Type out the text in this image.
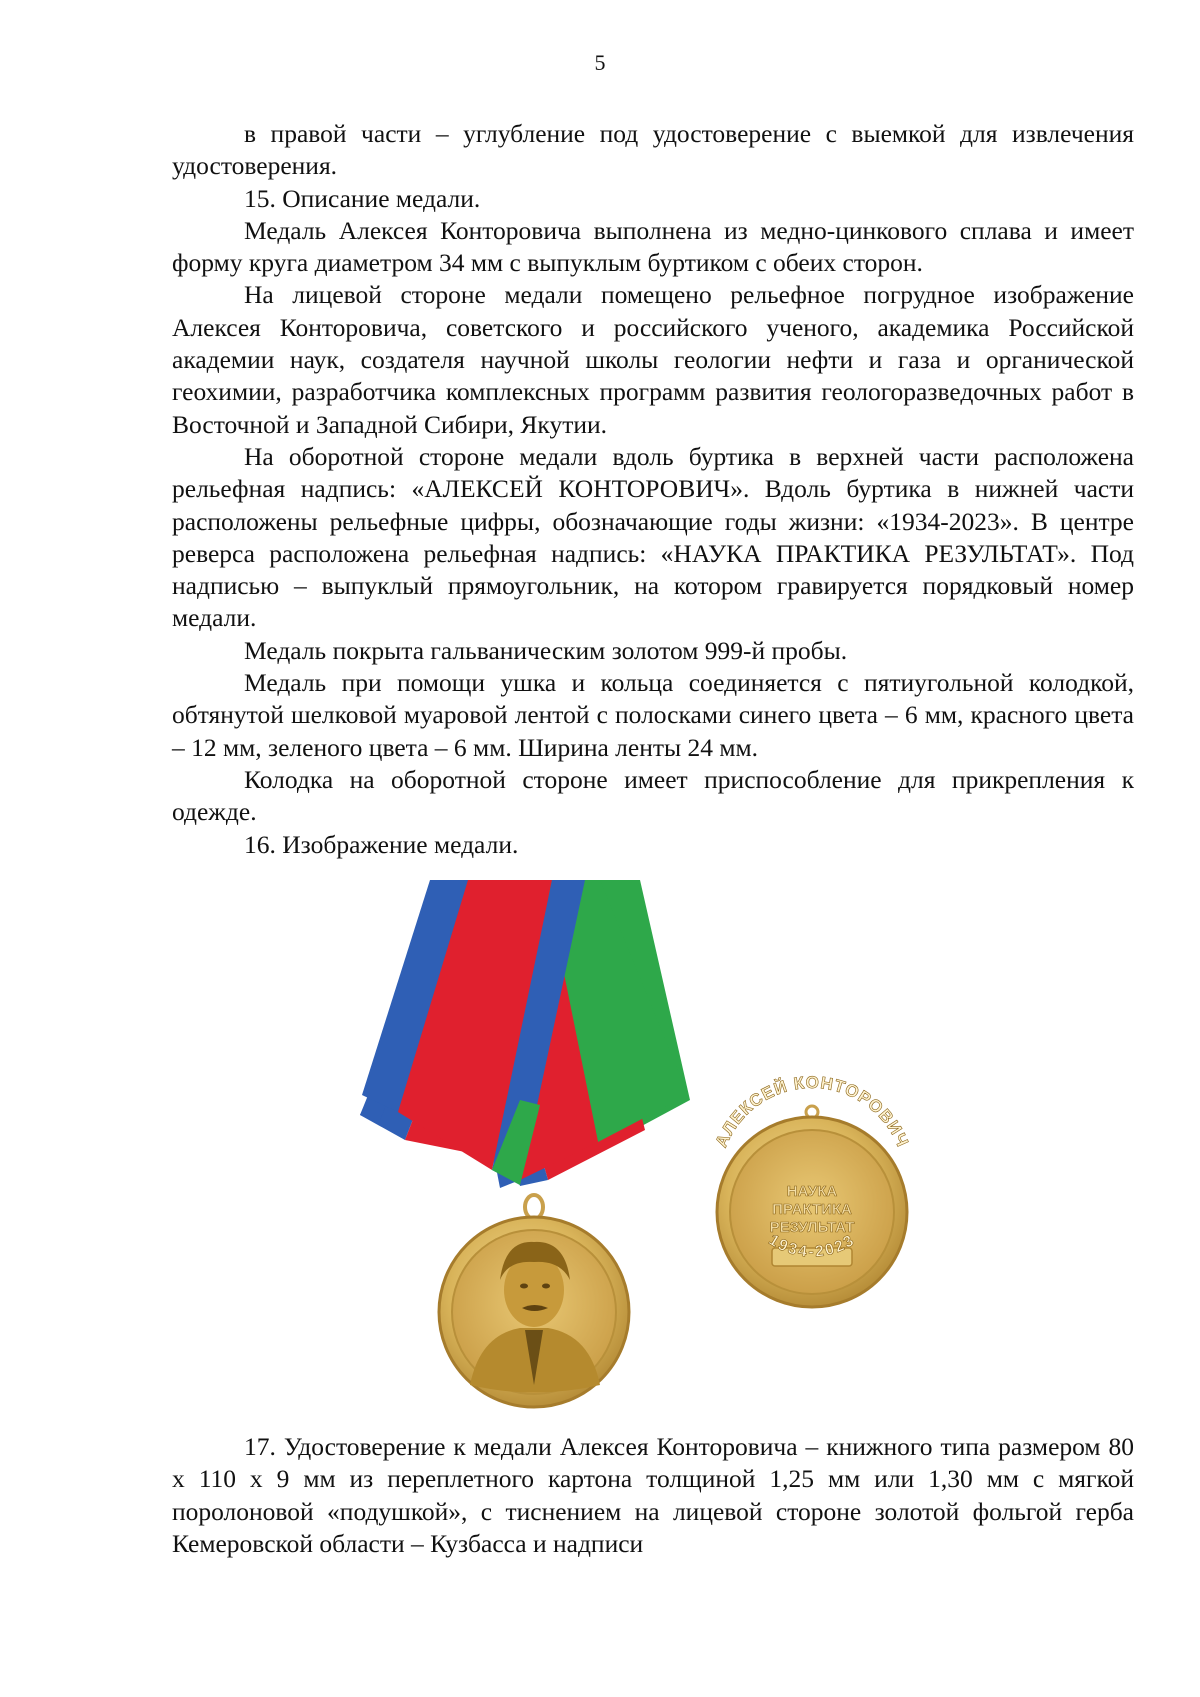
5

в правой части – углубление под удостоверение с выемкой для извлечения удостоверения.

15. Описание медали.

Медаль Алексея Конторовича выполнена из медно-цинкового сплава и имеет форму круга диаметром 34 мм с выпуклым буртиком с обеих сторон.

На лицевой стороне медали помещено рельефное погрудное изображение Алексея Конторовича, советского и российского ученого, академика Российской академии наук, создателя научной школы геологии нефти и газа и органической геохимии, разработчика комплексных программ развития геологоразведочных работ в Восточной и Западной Сибири, Якутии.

На оборотной стороне медали вдоль буртика в верхней части расположена рельефная надпись: «АЛЕКСЕЙ КОНТОРОВИЧ». Вдоль буртика в нижней части расположены рельефные цифры, обозначающие годы жизни: «1934-2023». В центре реверса расположена рельефная надпись: «НАУКА ПРАКТИКА РЕЗУЛЬТАТ». Под надписью – выпуклый прямоугольник, на котором гравируется порядковый номер медали.

Медаль покрыта гальваническим золотом 999-й пробы.

Медаль при помощи ушка и кольца соединяется с пятиугольной колодкой, обтянутой шелковой муаровой лентой с полосками синего цвета – 6 мм, красного цвета – 12 мм, зеленого цвета – 6 мм. Ширина ленты 24 мм.

Колодка на оборотной стороне имеет приспособление для прикрепления к одежде.

16. Изображение медали.

АЛЕКСЕЙ КОНТОРОВИЧ
НАУКА
ПРАКТИКА
РЕЗУЛЬТАТ
1934-2023

17. Удостоверение к медали Алексея Конторовича – книжного типа размером 80 х 110 х 9 мм из переплетного картона толщиной 1,25 мм или 1,30 мм с мягкой поролоновой «подушкой», с тиснением на лицевой стороне золотой фольгой герба Кемеровской области – Кузбасса и надписи
